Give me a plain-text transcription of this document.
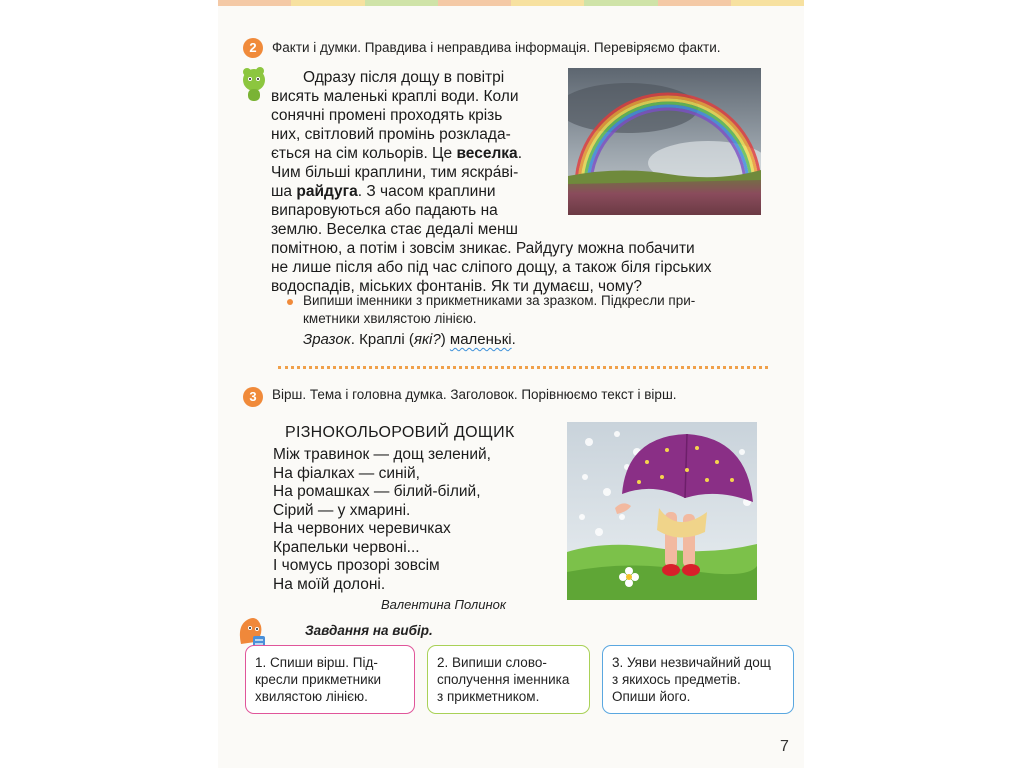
2	Факти і думки. Правдива і неправдива інформація. Перевіряємо факти.
Одразу після дощу в повітрі
висять маленькі краплі води. Коли
сонячні промені проходять крізь
них, світловий промінь розклада-
ється на сім кольорів. Це веселка.
Чим більші краплини, тим яскра́ві-
ша райдуга. З часом краплини
випаровуються або падають на
землю. Веселка стає дедалі менш
помітною, а потім і зовсім зникає. Райдугу можна побачити
не лише після або під час сліпого дощу, а також біля гірських
водоспадів, міських фонтанів. Як ти думаєш, чому?
Випиши іменники з прикметниками за зразком. Підкресли при-
кметники хвилястою лінією.
Зразок. Краплі (які?) маленькі.
3	Вірш. Тема і головна думка. Заголовок. Порівнюємо текст і вірш.
РІЗНОКОЛЬОРОВИЙ ДОЩИК
Між травинок — дощ зелений,
На фіалках — синій,
На ромашках — білий-білий,
Сірий — у хмарині.
На червоних черевичках
Крапельки червоні...
І чомусь прозорі зовсім
На моїй долоні.
Валентина Полинок
Завдання на вибір.
1. Спиши вірш. Під-
кресли прикметники
хвилястою лінією.
2. Випиши слово-
сполучення іменника
з прикметником.
3. Уяви незвичайний дощ
з якихось предметів.
Опиши його.
7
